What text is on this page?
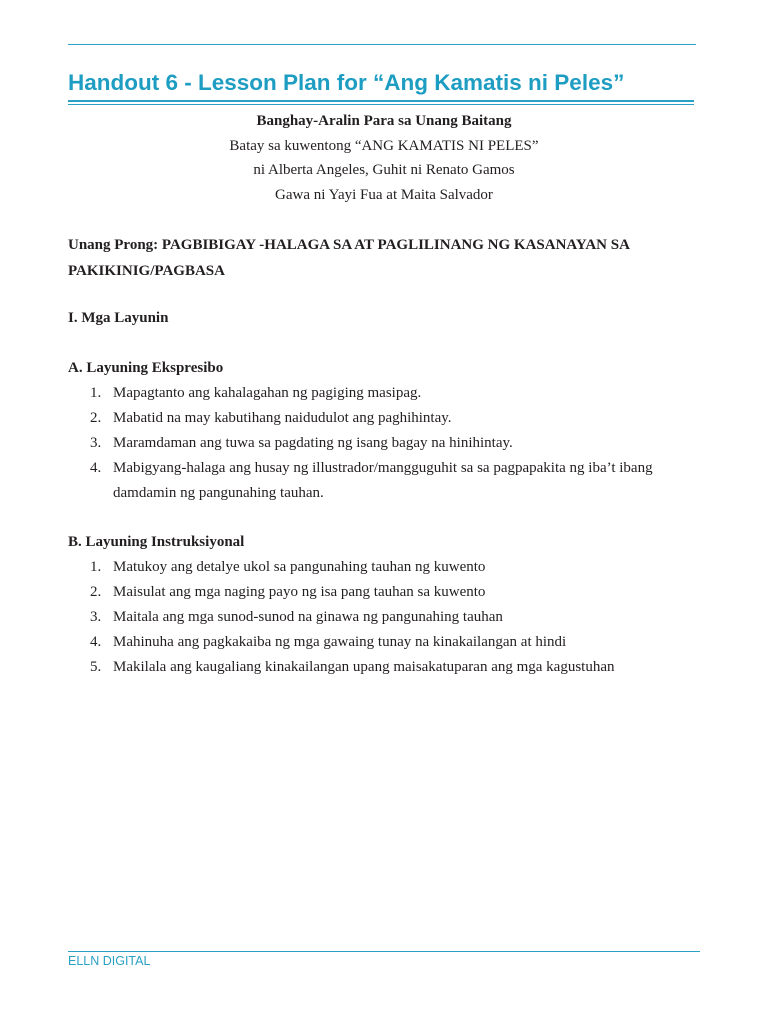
Handout 6 - Lesson Plan for “Ang Kamatis ni Peles”
Banghay-Aralin Para sa Unang Baitang
Batay sa kuwentong “ANG KAMATIS NI PELES”
ni Alberta Angeles, Guhit ni Renato Gamos
Gawa ni Yayi Fua at Maita Salvador
Unang Prong: PAGBIBIGAY -HALAGA SA AT PAGLILINANG NG KASANAYAN SA PAKIKINIG/PAGBASA
I. Mga Layunin
A. Layuning Ekspresibo
1. Mapagtanto ang kahalagahan ng pagiging masipag.
2. Mabatid na may kabutihang naidudulot ang paghihintay.
3. Maramdaman ang tuwa sa pagdating ng isang bagay na hinihintay.
4. Mabigyang-halaga ang husay ng illustrador/mangguguhit sa sa pagpapakita ng iba’t ibang damdamin ng pangunahing tauhan.
B. Layuning Instruksiyonal
1. Matukoy ang detalye ukol sa pangunahing tauhan ng kuwento
2. Maisulat ang mga naging payo ng isa pang tauhan sa kuwento
3. Maitala ang mga sunod-sunod na ginawa ng pangunahing tauhan
4. Mahinuha ang pagkakaiba ng mga gawaing tunay na kinakailangan at hindi
5. Makilala ang kaugaliang kinakailangan upang maisakatuparan ang mga kagustuhan
ELLN DIGITAL
